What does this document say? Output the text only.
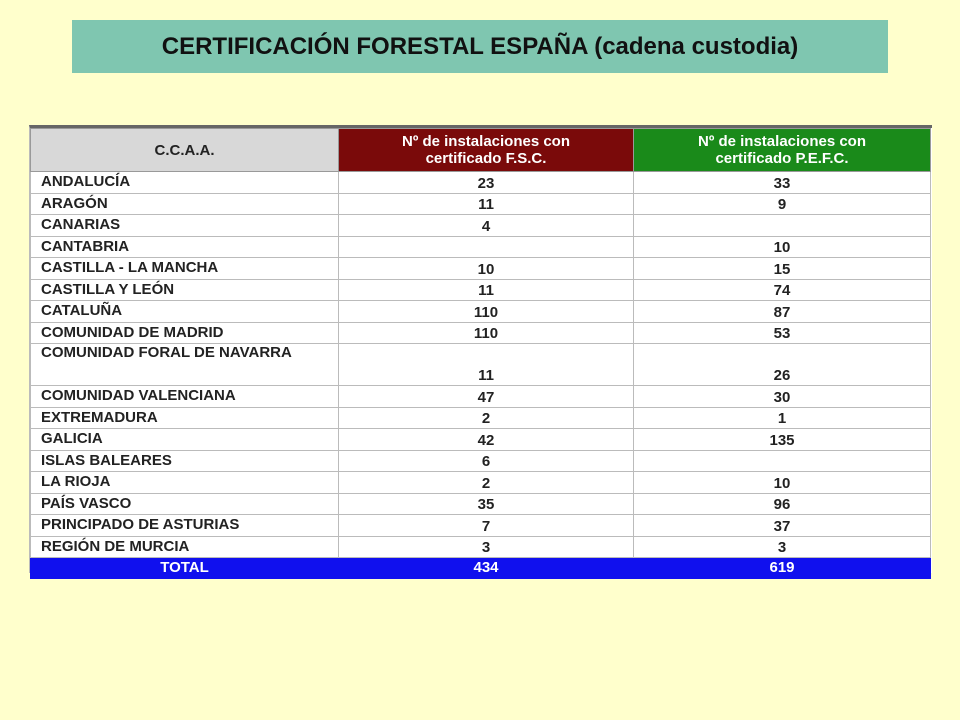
CERTIFICACIÓN FORESTAL ESPAÑA (cadena custodia)
C.C.A.A.	Nº de instalaciones con certificado F.S.C.	Nº de instalaciones con certificado P.E.F.C.

ANDALUCÍA	23	33
ARAGÓN	11	9
CANARIAS	4	
CANTABRIA		10
CASTILLA - LA MANCHA	10	15
CASTILLA Y LEÓN	11	74
CATALUÑA	110	87
COMUNIDAD DE MADRID	110	53
COMUNIDAD FORAL DE NAVARRA	11	26
COMUNIDAD VALENCIANA	47	30
EXTREMADURA	2	1
GALICIA	42	135
ISLAS BALEARES	6	
LA RIOJA	2	10
PAÍS VASCO	35	96
PRINCIPADO DE ASTURIAS	7	37
REGIÓN DE MURCIA	3	3
TOTAL	434	619
